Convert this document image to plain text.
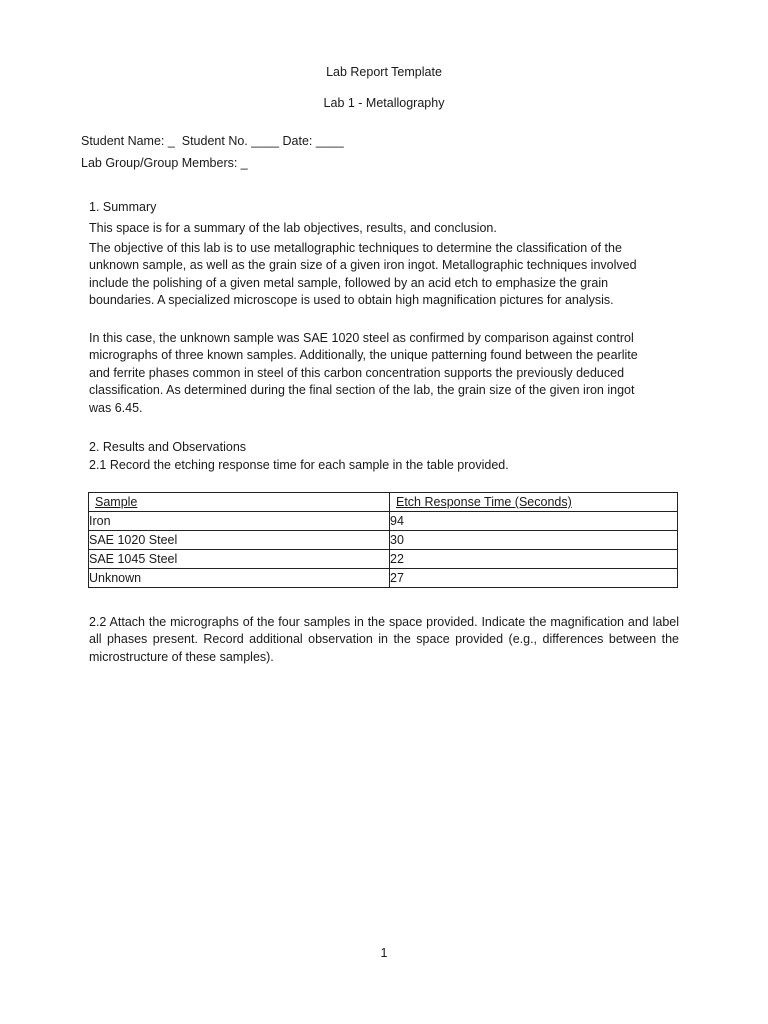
Lab Report Template
Lab 1 - Metallography
Student Name: _  Student No. ____ Date: ____
Lab Group/Group Members: _
1. Summary
This space is for a summary of the lab objectives, results, and conclusion.
The objective of this lab is to use metallographic techniques to determine the classification of the unknown sample, as well as the grain size of a given iron ingot. Metallographic techniques involved include the polishing of a given metal sample, followed by an acid etch to emphasize the grain boundaries. A specialized microscope is used to obtain high magnification pictures for analysis.
In this case, the unknown sample was SAE 1020 steel as confirmed by comparison against control micrographs of three known samples. Additionally, the unique patterning found between the pearlite and ferrite phases common in steel of this carbon concentration supports the previously deduced classification. As determined during the final section of the lab, the grain size of the given iron ingot was 6.45.
2. Results and Observations
2.1 Record the etching response time for each sample in the table provided.
Sample	Etch Response Time (Seconds)
Iron	94
SAE 1020 Steel	30
SAE 1045 Steel	22
Unknown	27
2.2 Attach the micrographs of the four samples in the space provided. Indicate the magnification and label all phases present. Record additional observation in the space provided (e.g., differences between the microstructure of these samples).
1
